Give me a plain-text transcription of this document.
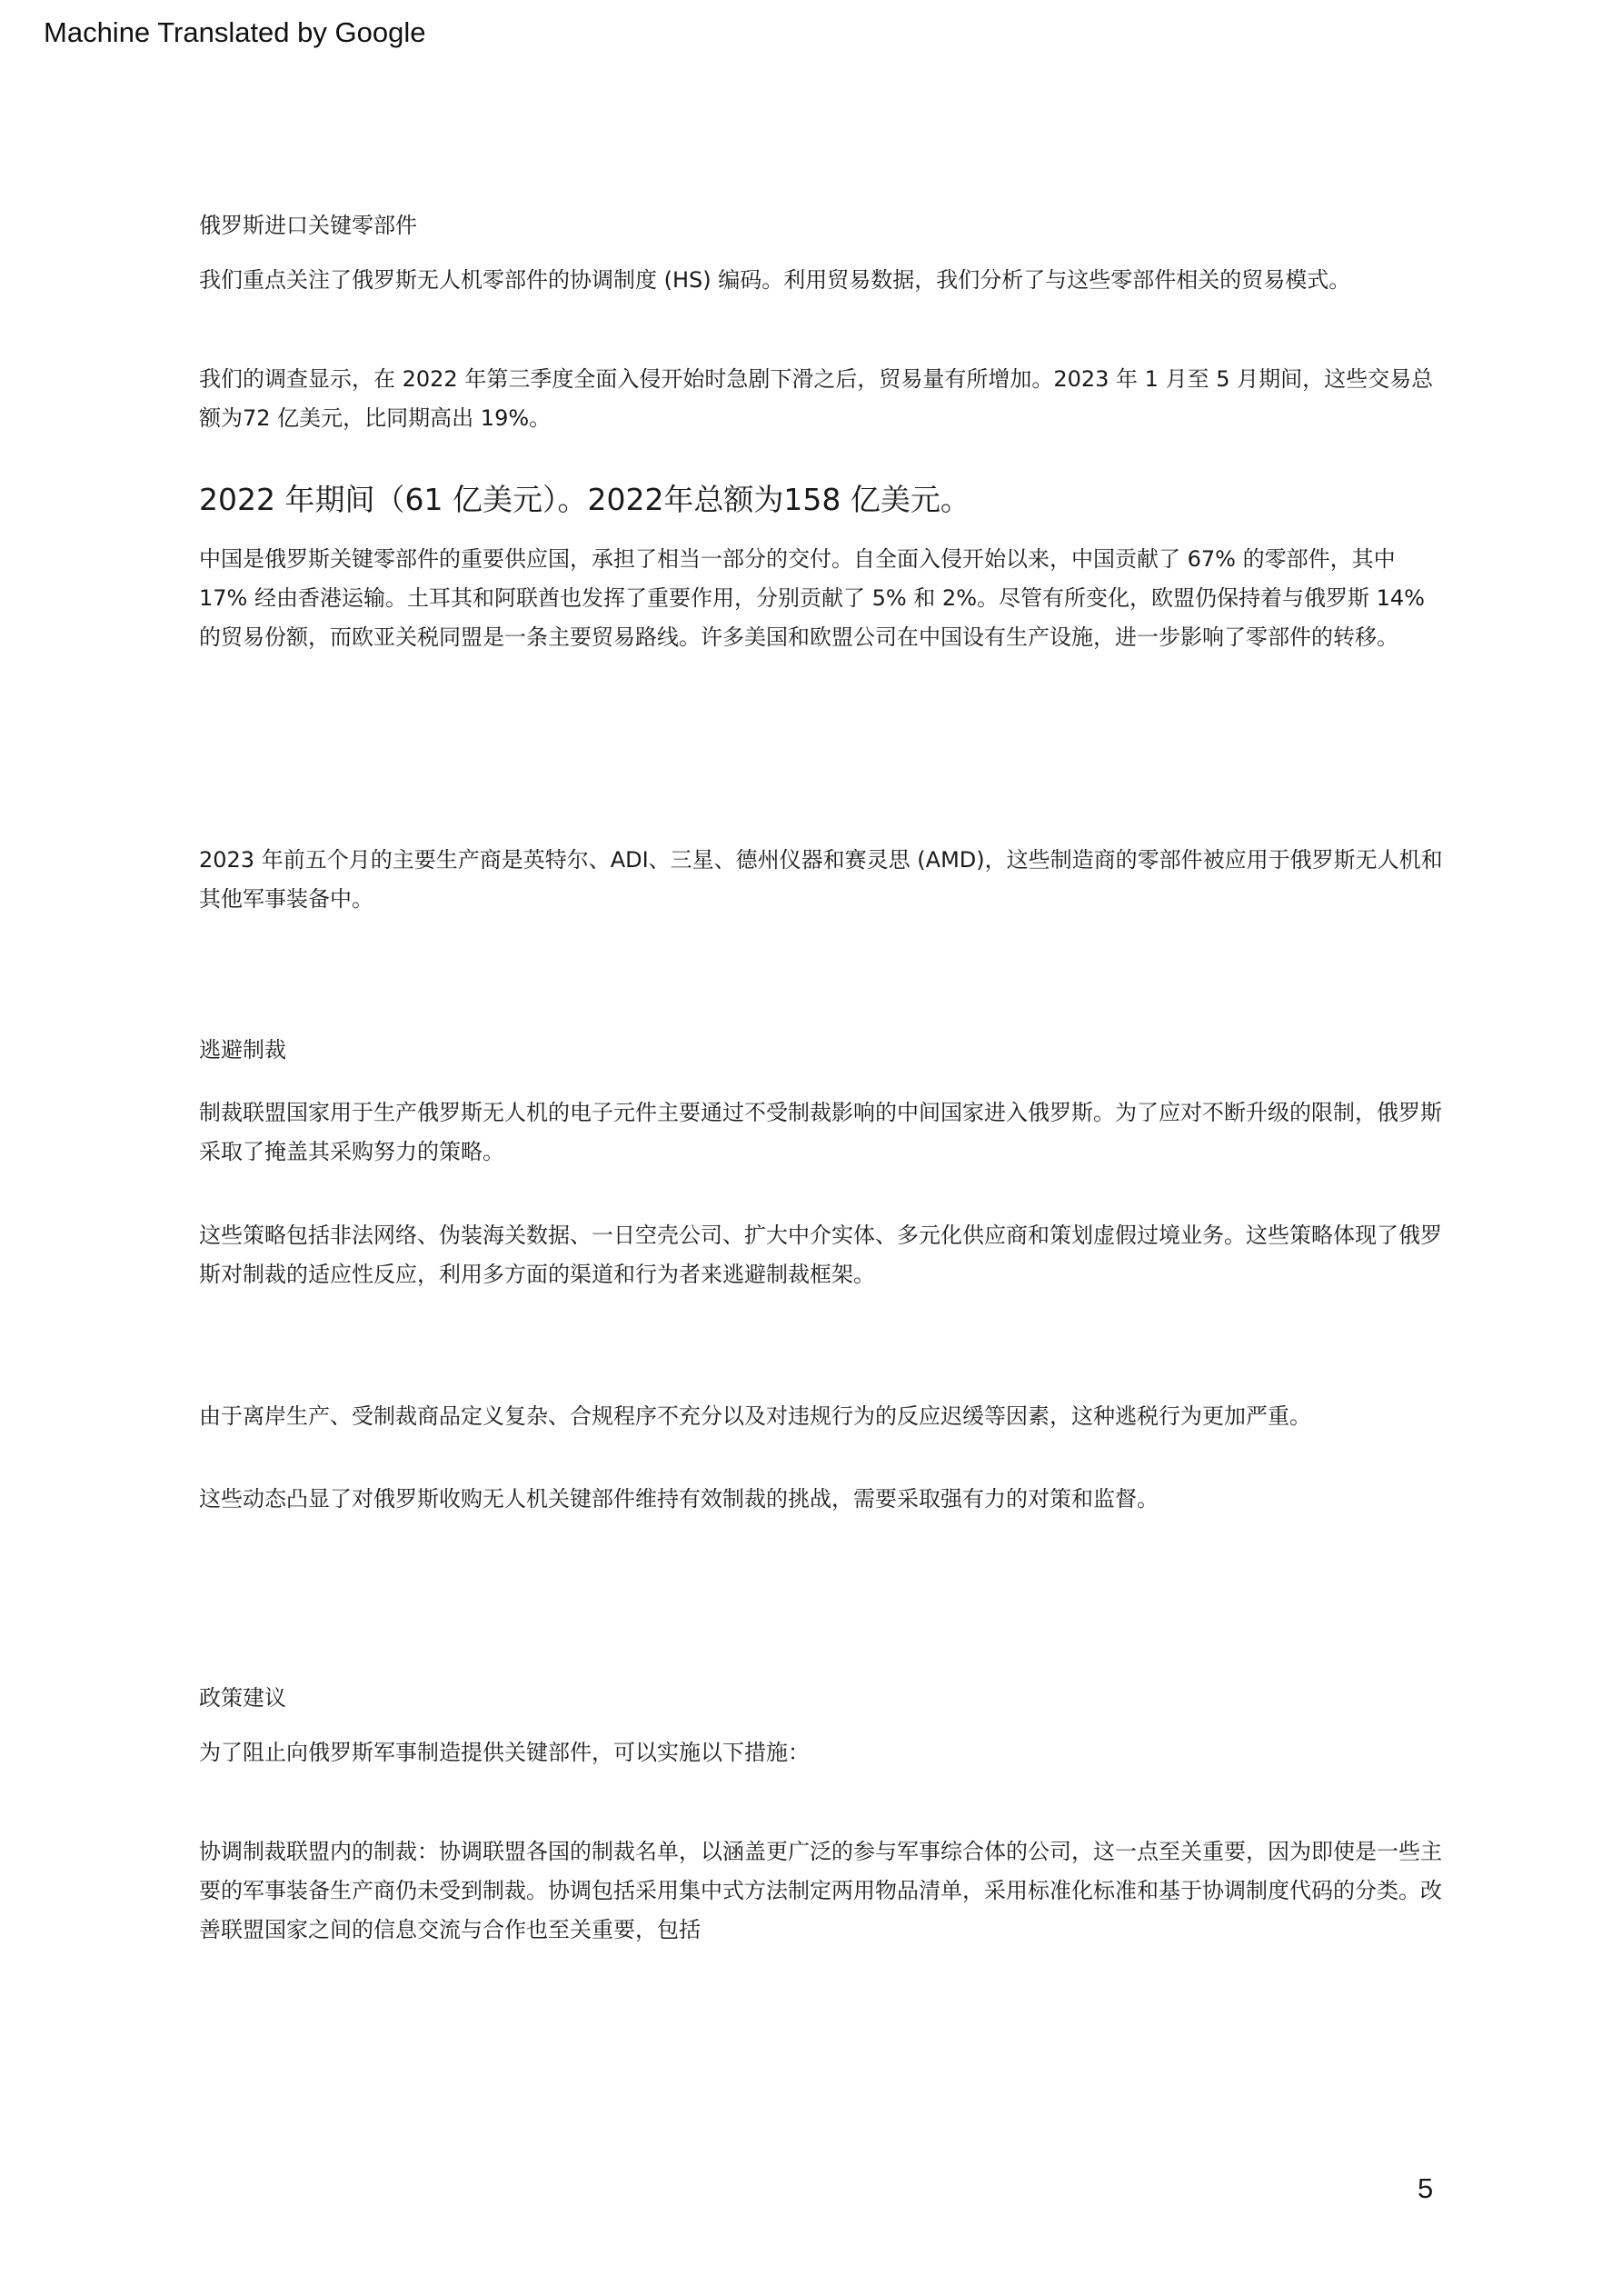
Machine Translated by Google

俄罗斯进口关键零部件

我们重点关注了俄罗斯无人机零部件的协调制度 (HS) 编码。利用贸易数据，我们分析了与这些零部件相关的贸易模式。

我们的调查显示，在 2022 年第三季度全面入侵开始时急剧下滑之后，贸易量有所增加。2023 年 1 月至 5 月期间，这些交易总额为72 亿美元，比同期高出 19%。

2022 年期间（61 亿美元）。2022年总额为158 亿美元。

中国是俄罗斯关键零部件的重要供应国，承担了相当一部分的交付。自全面入侵开始以来，中国贡献了 67% 的零部件，其中 17% 经由香港运输。土耳其和阿联酋也发挥了重要作用，分别贡献了 5% 和 2%。尽管有所变化，欧盟仍保持着与俄罗斯 14% 的贸易份额，而欧亚关税同盟是一条主要贸易路线。许多美国和欧盟公司在中国设有生产设施，进一步影响了零部件的转移。

2023 年前五个月的主要生产商是英特尔、ADI、三星、德州仪器和赛灵思 (AMD)，这些制造商的零部件被应用于俄罗斯无人机和其他军事装备中。

逃避制裁

制裁联盟国家用于生产俄罗斯无人机的电子元件主要通过不受制裁影响的中间国家进入俄罗斯。为了应对不断升级的限制，俄罗斯采取了掩盖其采购努力的策略。

这些策略包括非法网络、伪装海关数据、一日空壳公司、扩大中介实体、多元化供应商和策划虚假过境业务。这些策略体现了俄罗斯对制裁的适应性反应，利用多方面的渠道和行为者来逃避制裁框架。

由于离岸生产、受制裁商品定义复杂、合规程序不充分以及对违规行为的反应迟缓等因素，这种逃税行为更加严重。

这些动态凸显了对俄罗斯收购无人机关键部件维持有效制裁的挑战，需要采取强有力的对策和监督。

政策建议

为了阻止向俄罗斯军事制造提供关键部件，可以实施以下措施：

协调制裁联盟内的制裁：协调联盟各国的制裁名单，以涵盖更广泛的参与军事综合体的公司，这一点至关重要，因为即使是一些主要的军事装备生产商仍未受到制裁。协调包括采用集中式方法制定两用物品清单，采用标准化标准和基于协调制度代码的分类。改善联盟国家之间的信息交流与合作也至关重要，包括

5
